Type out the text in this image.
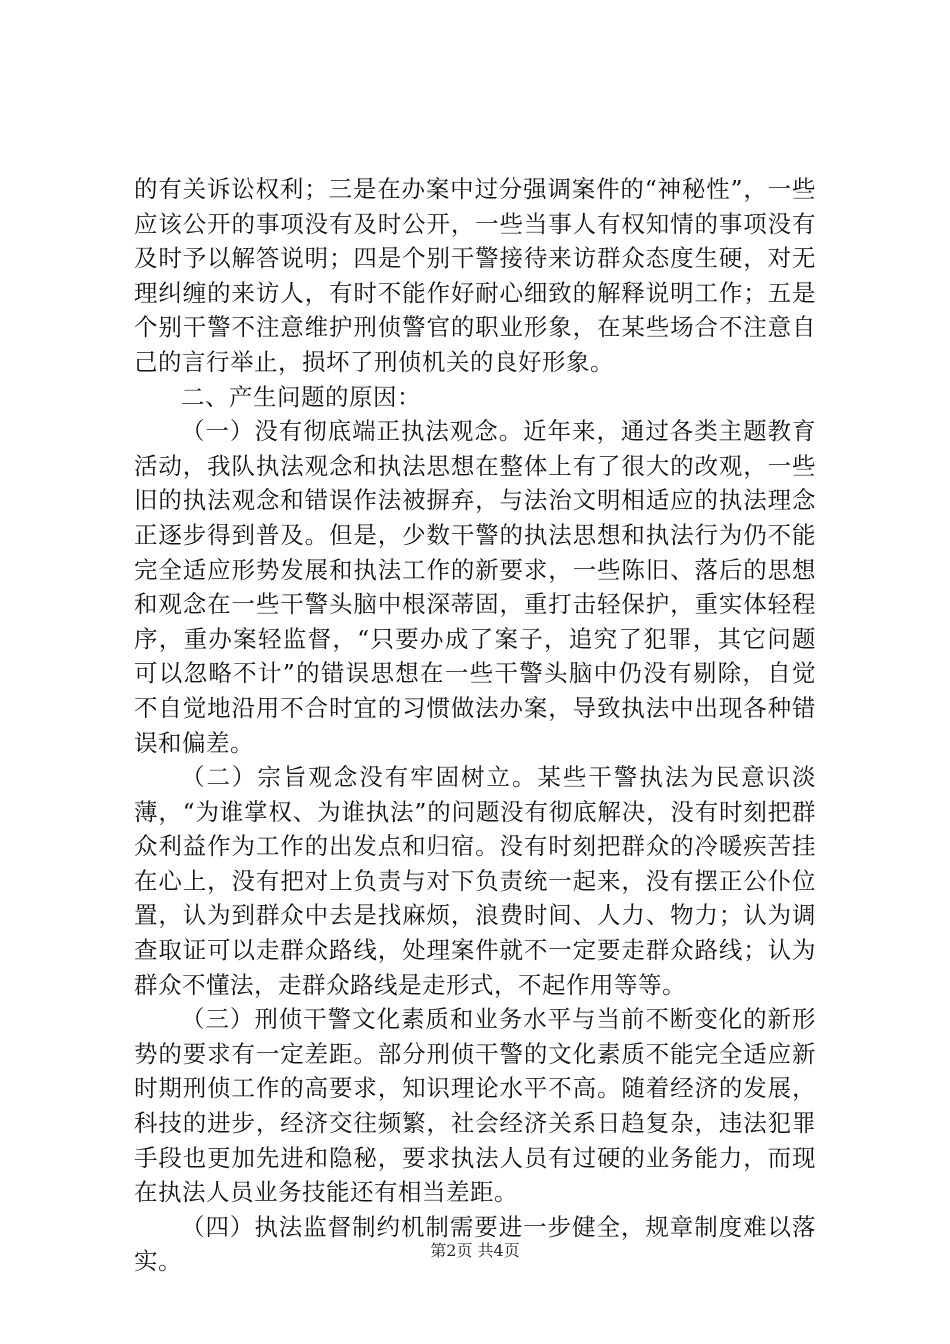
的有关诉讼权利；三是在办案中过分强调案件的“神秘性”，一些应该公开的事项没有及时公开，一些当事人有权知情的事项没有及时予以解答说明；四是个别干警接待来访群众态度生硬，对无理纠缠的来访人，有时不能作好耐心细致的解释说明工作；五是个别干警不注意维护刑侦警官的职业形象，在某些场合不注意自己的言行举止，损坏了刑侦机关的良好形象。

二、产生问题的原因：

（一）没有彻底端正执法观念。近年来，通过各类主题教育活动，我队执法观念和执法思想在整体上有了很大的改观，一些旧的执法观念和错误作法被摒弃，与法治文明相适应的执法理念正逐步得到普及。但是，少数干警的执法思想和执法行为仍不能完全适应形势发展和执法工作的新要求，一些陈旧、落后的思想和观念在一些干警头脑中根深蒂固，重打击轻保护，重实体轻程序，重办案轻监督，“只要办成了案子，追究了犯罪，其它问题可以忽略不计”的错误思想在一些干警头脑中仍没有剔除，自觉不自觉地沿用不合时宜的习惯做法办案，导致执法中出现各种错误和偏差。

（二）宗旨观念没有牢固树立。某些干警执法为民意识淡薄，“为谁掌权、为谁执法”的问题没有彻底解决，没有时刻把群众利益作为工作的出发点和归宿。没有时刻把群众的冷暖疾苦挂在心上，没有把对上负责与对下负责统一起来，没有摆正公仆位置，认为到群众中去是找麻烦，浪费时间、人力、物力；认为调查取证可以走群众路线，处理案件就不一定要走群众路线；认为群众不懂法，走群众路线是走形式，不起作用等等。

（三）刑侦干警文化素质和业务水平与当前不断变化的新形势的要求有一定差距。部分刑侦干警的文化素质不能完全适应新时期刑侦工作的高要求，知识理论水平不高。随着经济的发展，科技的进步，经济交往频繁，社会经济关系日趋复杂，违法犯罪手段也更加先进和隐秘，要求执法人员有过硬的业务能力，而现在执法人员业务技能还有相当差距。

（四）执法监督制约机制需要进一步健全，规章制度难以落实。	第2页 共4页
